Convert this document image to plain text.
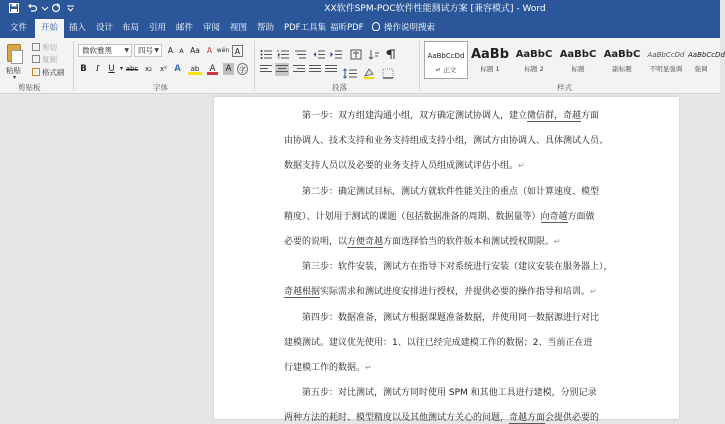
XX软件SPM-POC软件性能测试方案 [兼容模式] - Word
文件	开始	插入 设计 布局 引用 邮件 审阅 视图 帮助 PDF工具集 福昕PDF	操作说明搜索
粘贴
▾
剪切
复制
格式刷
剪贴板
微软雅黑 ▼	四号 ▼	A A Aa A wén A
B	I	U ▾ abc x₂	x² A	ab	A	A	字
字体	段落
AaBbCcDd
↵ 正文
AaBb
标题 1
AaBbC
标题 2
AaBbC
标题
AaBbC
副标题
AaBbCcDd
不明显强调
AaBbCcDd
强调
样式
第一步：双方组建沟通小组，双方确定测试协调人，建立微信群，奇越方面
由协调人、技术支持和业务支持组成支持小组，测试方由协调人、具体测试人员、
数据支持人员以及必要的业务支持人员组成测试评估小组。↵
第二步：确定测试目标，测试方就软件性能关注的重点（如计算速度、模型
精度）、计划用于测试的课题（包括数据准备的周期、数据量等）向奇越方面做
必要的说明，以方便奇越方面选择恰当的软件版本和测试授权期限。↵
第三步：软件安装，测试方在指导下对系统进行安装（建议安装在服务器上），
奇越根据实际需求和测试进度安排进行授权，并提供必要的操作指导和培训。↵
第四步：数据准备，测试方根据课题准备数据，并使用同一数据源进行对比
建模测试。建议优先使用：1、以往已经完成建模工作的数据；2、当前正在进
行建模工作的数据。↵
第五步：对比测试，测试方同时使用 SPM 和其他工具进行建模，分别记录
两种方法的耗时、模型精度以及其他测试方关心的问题，奇越方面会提供必要的
